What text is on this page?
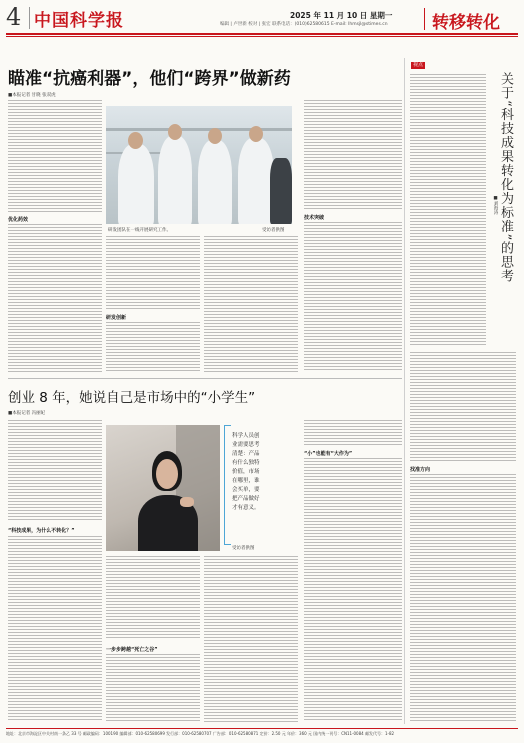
4 中国科学报	2025 年 11 月 10 日 星期一
编辑 | 卢世新 校对 | 张宏 联系电话：(010)62580615 E-mail: lhmsjl@stimes.cn	转移转化
瞄准“抗癌利器”，他们“跨界”做新药
■本报记者 甘晓 张双虎
优化药效
研发团队在一线开展研究工作。	受访者供图
研发创新
技术突破
创业 8 年，她说自己是市场中的“小学生”
■本报记者 冯丽妃
“科技成果，为什么不转化？”
科学人员创业需要思考清楚：产品有什么独特价值，市场在哪里，谁会买单，要把产品做好才有意义。
受访者供图
一步步跨越“死亡之谷”
“小”也能有“大作为”
视点
关于“科技成果转化为标准”的思考
■刘海涛
找准方向
地址：北京市海淀区中关村南一条乙 33 号 邮政编码：100190 编辑部：010-62580699 发行部：010-62580707 广告部：010-62580871 定价：2.50 元 年价：360 元 国内统一刊号：CN11-0084 邮发代号：1-82
